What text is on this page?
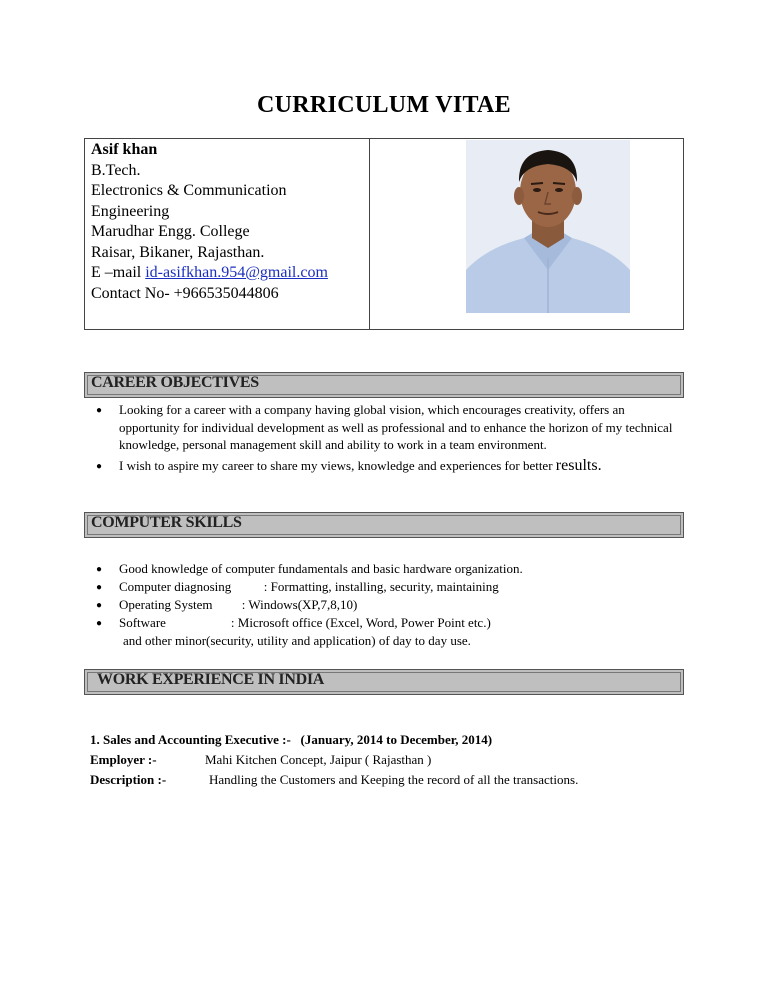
CURRICULUM VITAE
Asif khan
B.Tech.
Electronics & Communication
Engineering
Marudhar Engg. College
Raisar, Bikaner, Rajasthan.
E –mail id-asifkhan.954@gmail.com
Contact No- +966535044806
CAREER OBJECTIVES
● Looking for a career with a company having global vision, which encourages creativity, offers an opportunity for individual development as well as professional and to enhance the horizon of my technical knowledge, personal management skill and ability to work in a team environment.
● I wish to aspire my career to share my views, knowledge and experiences for better results.
COMPUTER SKILLS
● Good knowledge of computer fundamentals and basic hardware organization.
● Computer diagnosing          : Formatting, installing, security, maintaining
● Operating System         : Windows(XP,7,8,10)
● Software                    : Microsoft office (Excel, Word, Power Point etc.)
and other minor(security, utility and application) of day to day use.
WORK EXPERIENCE IN INDIA
1. Sales and Accounting Executive :-   (January, 2014 to December, 2014)
Employer :-	Mahi Kitchen Concept, Jaipur ( Rajasthan )
Description :-	Handling the Customers and Keeping the record of all the transactions.
